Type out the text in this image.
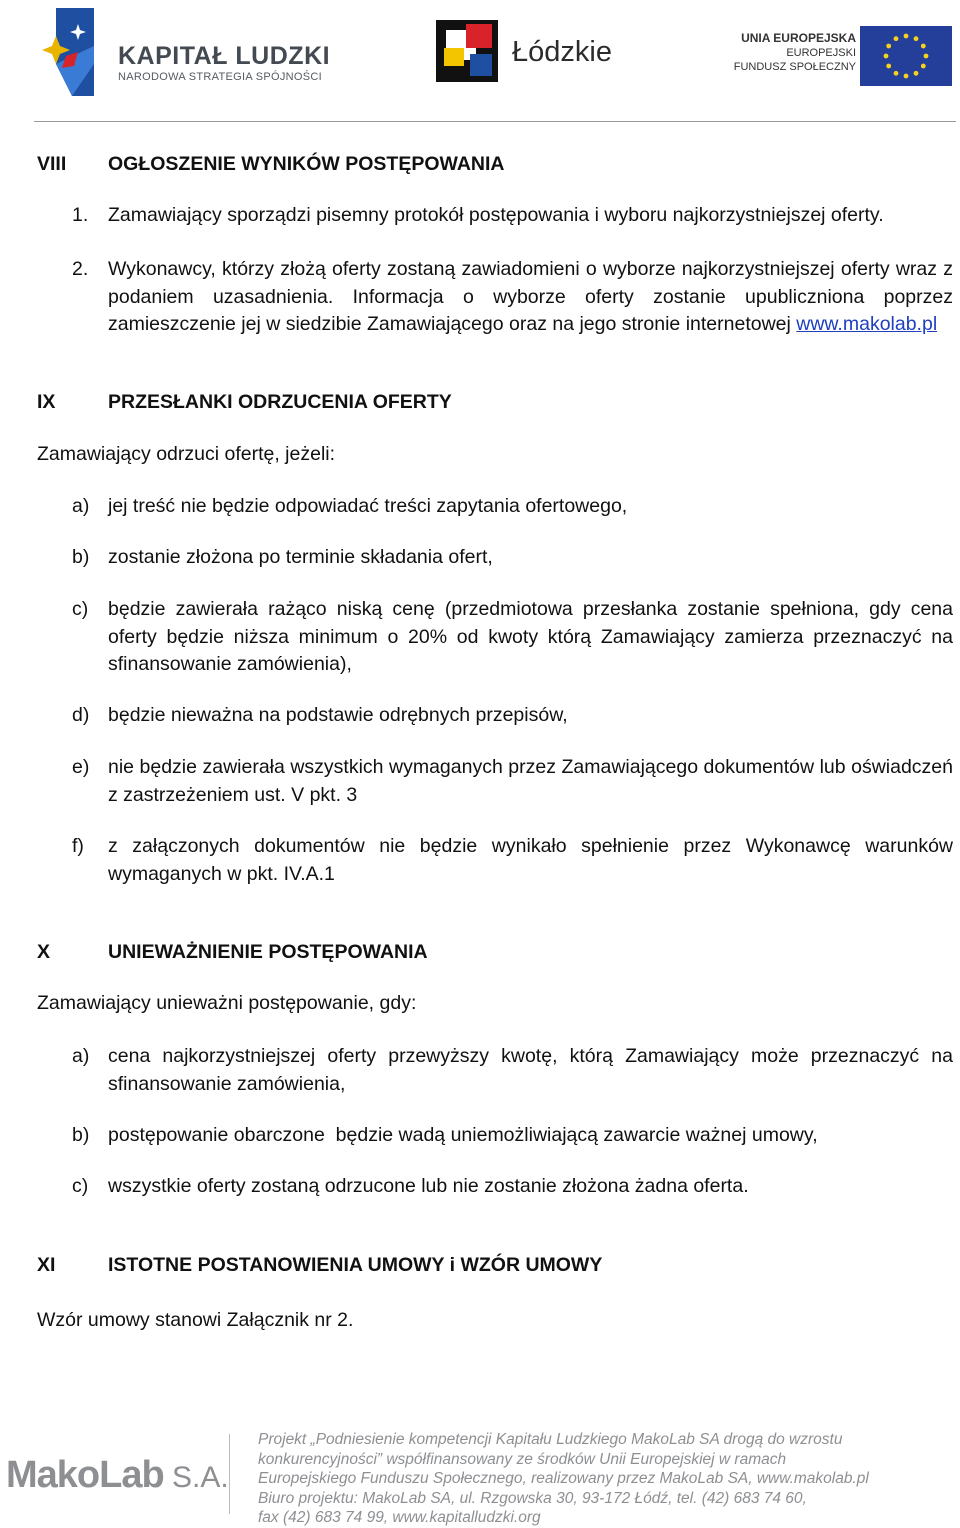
KAPITAŁ LUDZKI
NARODOWA STRATEGIA SPÓJNOŚCI
Łódzkie	UNIA EUROPEJSKA
EUROPEJSKI
FUNDUSZ SPOŁECZNY
VIII OGŁOSZENIE WYNIKÓW POSTĘPOWANIA
1. Zamawiający sporządzi pisemny protokół postępowania i wyboru najkorzystniejszej oferty.
2. Wykonawcy, którzy złożą oferty zostaną zawiadomieni o wyborze najkorzystniejszej oferty wraz z podaniem uzasadnienia. Informacja o wyborze oferty zostanie upubliczniona poprzez zamieszczenie jej w siedzibie Zamawiającego oraz na jego stronie internetowej www.makolab.pl
IX	PRZESŁANKI ODRZUCENIA OFERTY
Zamawiający odrzuci ofertę, jeżeli:
a) jej treść nie będzie odpowiadać treści zapytania ofertowego,
b) zostanie złożona po terminie składania ofert,
c) będzie zawierała rażąco niską cenę (przedmiotowa przesłanka zostanie spełniona, gdy cena oferty będzie niższa minimum o 20% od kwoty którą Zamawiający zamierza przeznaczyć na sfinansowanie zamówienia),
d) będzie nieważna na podstawie odrębnych przepisów,
e) nie będzie zawierała wszystkich wymaganych przez Zamawiającego dokumentów lub oświadczeń z zastrzeżeniem ust. V pkt. 3
f) z załączonych dokumentów nie będzie wynikało spełnienie przez Wykonawcę warunków wymaganych w pkt. IV.A.1
X	UNIEWAŻNIENIE POSTĘPOWANIA
Zamawiający unieważni postępowanie, gdy:
a) cena najkorzystniejszej oferty przewyższy kwotę, którą Zamawiający może przeznaczyć na sfinansowanie zamówienia,
b) postępowanie obarczone  będzie wadą uniemożliwiającą zawarcie ważnej umowy,
c) wszystkie oferty zostaną odrzucone lub nie zostanie złożona żadna oferta.
XI	ISTOTNE POSTANOWIENIA UMOWY i WZÓR UMOWY
Wzór umowy stanowi Załącznik nr 2.
MakoLab S.A.
Projekt „Podniesienie kompetencji Kapitału Ludzkiego MakoLab SA drogą do wzrostu
konkurencyjności” współfinansowany ze środków Unii Europejskiej w ramach
Europejskiego Funduszu Społecznego, realizowany przez MakoLab SA, www.makolab.pl
Biuro projektu: MakoLab SA, ul. Rzgowska 30, 93-172 Łódź, tel. (42) 683 74 60,
fax (42) 683 74 99, www.kapitalludzki.org
